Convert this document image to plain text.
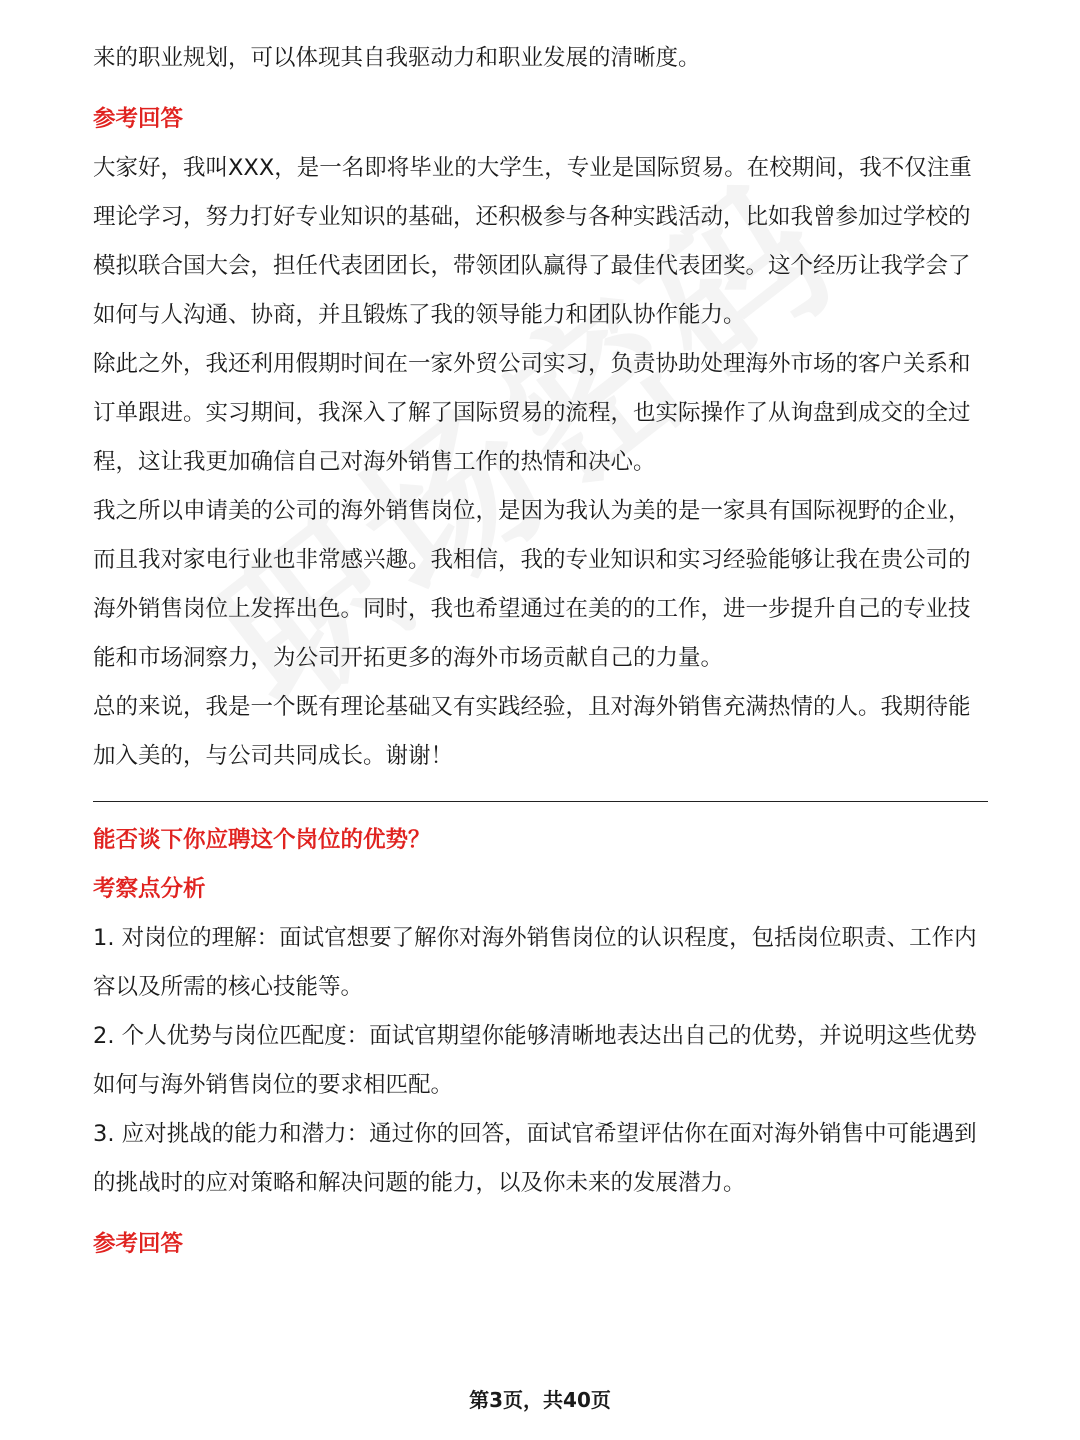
来的职业规划，可以体现其自我驱动力和职业发展的清晰度。

参考回答

大家好，我叫XXX，是一名即将毕业的大学生，专业是国际贸易。在校期间，我不仅注重理论学习，努力打好专业知识的基础，还积极参与各种实践活动，比如我曾参加过学校的模拟联合国大会，担任代表团团长，带领团队赢得了最佳代表团奖。这个经历让我学会了如何与人沟通、协商，并且锻炼了我的领导能力和团队协作能力。

除此之外，我还利用假期时间在一家外贸公司实习，负责协助处理海外市场的客户关系和订单跟进。实习期间，我深入了解了国际贸易的流程，也实际操作了从询盘到成交的全过程，这让我更加确信自己对海外销售工作的热情和决心。

我之所以申请美的公司的海外销售岗位，是因为我认为美的是一家具有国际视野的企业，而且我对家电行业也非常感兴趣。我相信，我的专业知识和实习经验能够让我在贵公司的海外销售岗位上发挥出色。同时，我也希望通过在美的的工作，进一步提升自己的专业技能和市场洞察力，为公司开拓更多的海外市场贡献自己的力量。

总的来说，我是一个既有理论基础又有实践经验，且对海外销售充满热情的人。我期待能加入美的，与公司共同成长。谢谢！

能否谈下你应聘这个岗位的优势？

考察点分析

1. 对岗位的理解：面试官想要了解你对海外销售岗位的认识程度，包括岗位职责、工作内容以及所需的核心技能等。

2. 个人优势与岗位匹配度：面试官期望你能够清晰地表达出自己的优势，并说明这些优势如何与海外销售岗位的要求相匹配。

3. 应对挑战的能力和潜力：通过你的回答，面试官希望评估你在面对海外销售中可能遇到的挑战时的应对策略和解决问题的能力，以及你未来的发展潜力。

参考回答

第3页，共40页
